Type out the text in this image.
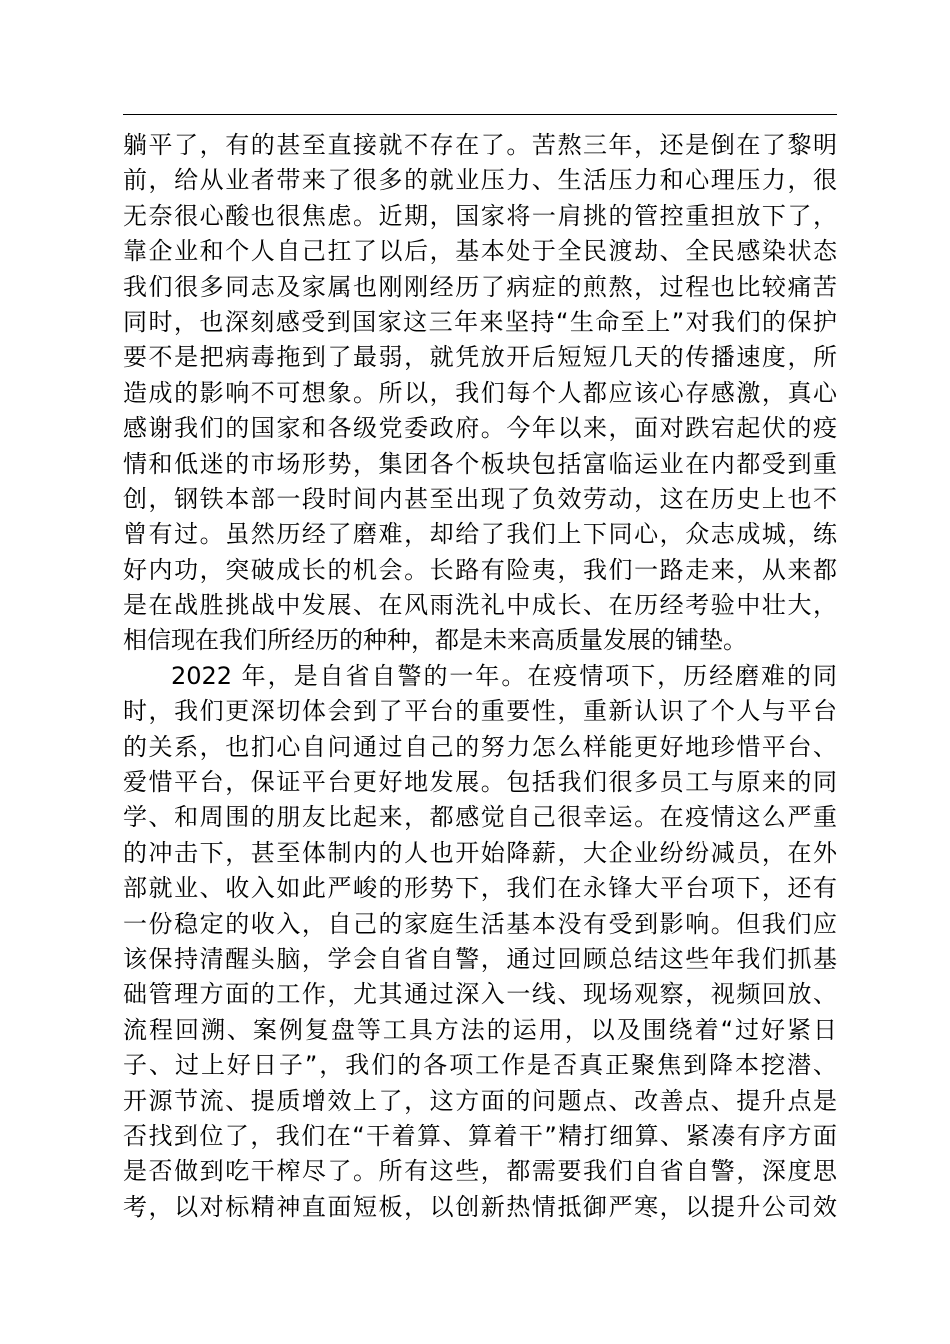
躺平了，有的甚至直接就不存在了。苦熬三年，还是倒在了黎明
前，给从业者带来了很多的就业压力、生活压力和心理压力，很
无奈很心酸也很焦虑。近期，国家将一肩挑的管控重担放下了，
靠企业和个人自己扛了以后，基本处于全民渡劫、全民感染状态
我们很多同志及家属也刚刚经历了病症的煎熬，过程也比较痛苦
同时，也深刻感受到国家这三年来坚持“生命至上”对我们的保护
要不是把病毒拖到了最弱，就凭放开后短短几天的传播速度，所
造成的影响不可想象。所以，我们每个人都应该心存感激，真心
感谢我们的国家和各级党委政府。今年以来，面对跌宕起伏的疫
情和低迷的市场形势，集团各个板块包括富临运业在内都受到重
创，钢铁本部一段时间内甚至出现了负效劳动，这在历史上也不
曾有过。虽然历经了磨难，却给了我们上下同心，众志成城，练
好内功，突破成长的机会。长路有险夷，我们一路走来，从来都
是在战胜挑战中发展、在风雨洗礼中成长、在历经考验中壮大，
相信现在我们所经历的种种，都是未来高质量发展的铺垫。
2022 年，是自省自警的一年。在疫情项下，历经磨难的同
时，我们更深切体会到了平台的重要性，重新认识了个人与平台
的关系，也扪心自问通过自己的努力怎么样能更好地珍惜平台、
爱惜平台，保证平台更好地发展。包括我们很多员工与原来的同
学、和周围的朋友比起来，都感觉自己很幸运。在疫情这么严重
的冲击下，甚至体制内的人也开始降薪，大企业纷纷减员，在外
部就业、收入如此严峻的形势下，我们在永锋大平台项下，还有
一份稳定的收入，自己的家庭生活基本没有受到影响。但我们应
该保持清醒头脑，学会自省自警，通过回顾总结这些年我们抓基
础管理方面的工作，尤其通过深入一线、现场观察，视频回放、
流程回溯、案例复盘等工具方法的运用，以及围绕着“过好紧日
子、过上好日子”，我们的各项工作是否真正聚焦到降本挖潜、
开源节流、提质增效上了，这方面的问题点、改善点、提升点是
否找到位了，我们在“干着算、算着干”精打细算、紧凑有序方面
是否做到吃干榨尽了。所有这些，都需要我们自省自警，深度思
考，以对标精神直面短板，以创新热情抵御严寒，以提升公司效
